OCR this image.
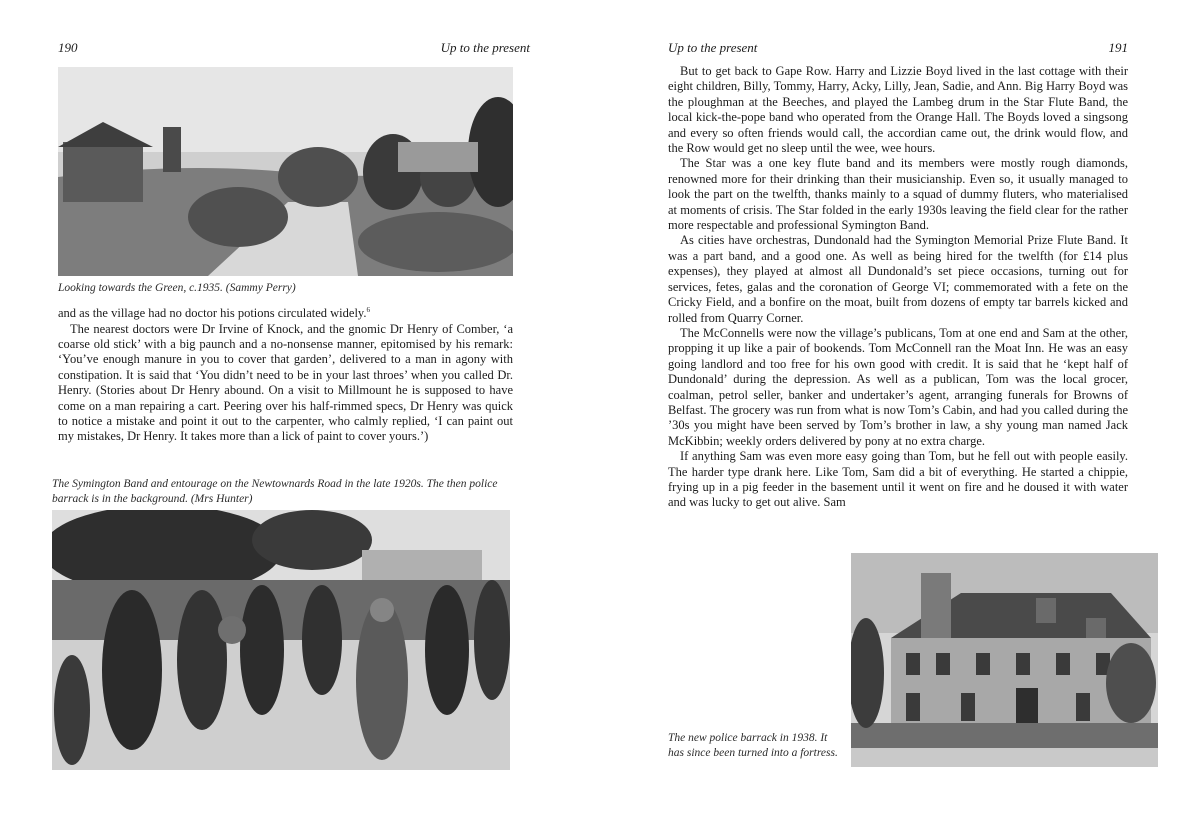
190	Up to the present
Looking towards the Green, c.1935. (Sammy Perry)

and as the village had no doctor his potions circulated widely.$^6$

The nearest doctors were Dr Irvine of Knock, and the gnomic Dr Henry of Comber, ‘a coarse old stick’ with a big paunch and a no-nonsense manner, epitomised by his remark: ‘You’ve enough manure in you to cover that garden’, delivered to a man in agony with constipation. It is said that ‘You didn’t need to be in your last throes’ when you called Dr. Henry. (Stories about Dr Henry abound. On a visit to Millmount he is supposed to have come on a man repairing a cart. Peering over his half-rimmed specs, Dr Henry was quick to notice a mistake and point it out to the carpenter, who calmly replied, ‘I can paint out my mistakes, Dr Henry. It takes more than a lick of paint to cover yours.’)

The Symington Band and entourage on the Newtownards Road in the late 1920s. The then police barrack is in the background. (Mrs Hunter)
Up to the present	191

But to get back to Gape Row. Harry and Lizzie Boyd lived in the last cottage with their eight children, Billy, Tommy, Harry, Acky, Lilly, Jean, Sadie, and Ann. Big Harry Boyd was the ploughman at the Beeches, and played the Lambeg drum in the Star Flute Band, the local kick-the-pope band who operated from the Orange Hall. The Boyds loved a singsong and every so often friends would call, the accordian came out, the drink would flow, and the Row would get no sleep until the wee, wee hours.

The Star was a one key flute band and its members were mostly rough diamonds, renowned more for their drinking than their musicianship. Even so, it usually managed to look the part on the twelfth, thanks mainly to a squad of dummy fluters, who materialised at moments of crisis. The Star folded in the early 1930s leaving the field clear for the rather more respectable and professional Symington Band.

As cities have orchestras, Dundonald had the Symington Memorial Prize Flute Band. It was a part band, and a good one. As well as being hired for the twelfth (for £14 plus expenses), they played at almost all Dundonald’s set piece occasions, turning out for services, fetes, galas and the coronation of George VI; commemorated with a fete on the Cricky Field, and a bonfire on the moat, built from dozens of empty tar barrels kicked and rolled from Quarry Corner.

The McConnells were now the village’s publicans, Tom at one end and Sam at the other, propping it up like a pair of bookends. Tom McConnell ran the Moat Inn. He was an easy going landlord and too free for his own good with credit. It is said that he ‘kept half of Dundonald’ during the depression. As well as a publican, Tom was the local grocer, coalman, petrol seller, banker and undertaker’s agent, arranging funerals for Browns of Belfast. The grocery was run from what is now Tom’s Cabin, and had you called during the ’30s you might have been served by Tom’s brother in law, a shy young man named Jack McKibbin; weekly orders delivered by pony at no extra charge.

If anything Sam was even more easy going than Tom, but he fell out with people easily. The harder type drank here. Like Tom, Sam did a bit of everything. He started a chippie, frying up in a pig feeder in the basement until it went on fire and he doused it with water and was lucky to get out alive. Sam

The new police barrack in 1938. It has since been turned into a fortress.
